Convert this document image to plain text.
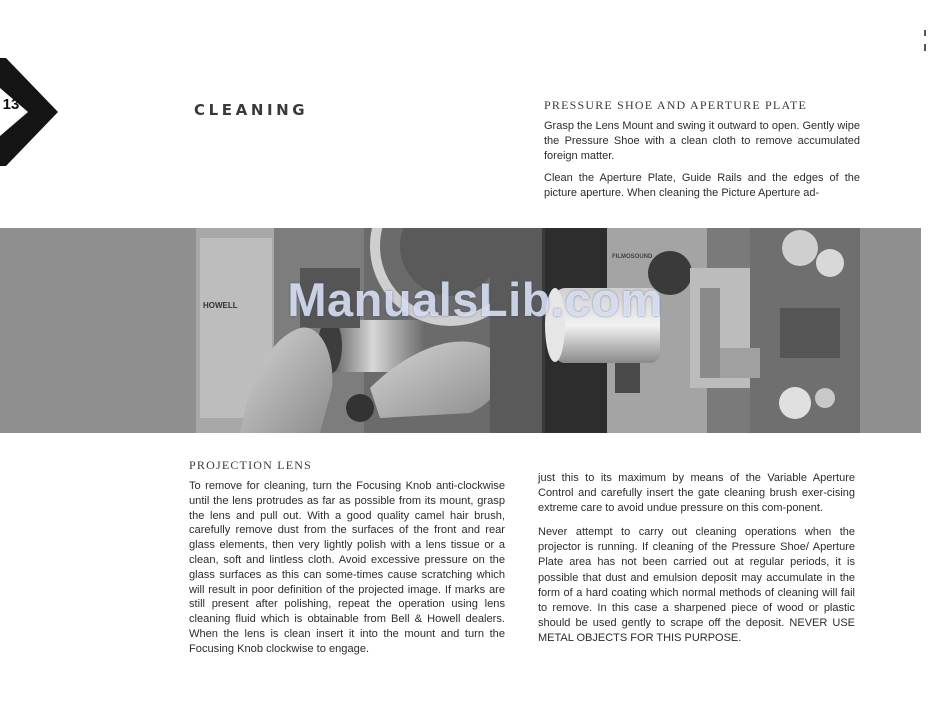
13	CLEANING	PRESSURE SHOE AND APERTURE PLATE

Grasp the Lens Mount and swing it outward to open. Gently wipe the Pressure Shoe with a clean cloth to remove accumulated foreign matter.

Clean the Aperture Plate, Guide Rails and the edges of the picture aperture. When cleaning the Picture Aperture ad-

HOWELL
FILMOSOUND
ManualsLib.com
PROJECTION LENS

To remove for cleaning, turn the Focusing Knob anti-clockwise until the lens protrudes as far as possible from its mount, grasp the lens and pull out. With a good quality camel hair brush, carefully remove dust from the surfaces of the front and rear glass elements, then very lightly polish with a lens tissue or a clean, soft and lintless cloth. Avoid excessive pressure on the glass surfaces as this can some-times cause scratching which will result in poor definition of the projected image. If marks are still present after polishing, repeat the operation using lens cleaning fluid which is obtainable from Bell & Howell dealers. When the lens is clean insert it into the mount and turn the Focusing Knob clockwise to engage.

just this to its maximum by means of the Variable Aperture Control and carefully insert the gate cleaning brush exer-cising extreme care to avoid undue pressure on this com-ponent.

Never attempt to carry out cleaning operations when the projector is running. If cleaning of the Pressure Shoe/ Aperture Plate area has not been carried out at regular periods, it is possible that dust and emulsion deposit may accumulate in the form of a hard coating which normal methods of cleaning will fail to remove. In this case a sharpened piece of wood or plastic should be used gently to scrape off the deposit. NEVER USE METAL OBJECTS FOR THIS PURPOSE.
